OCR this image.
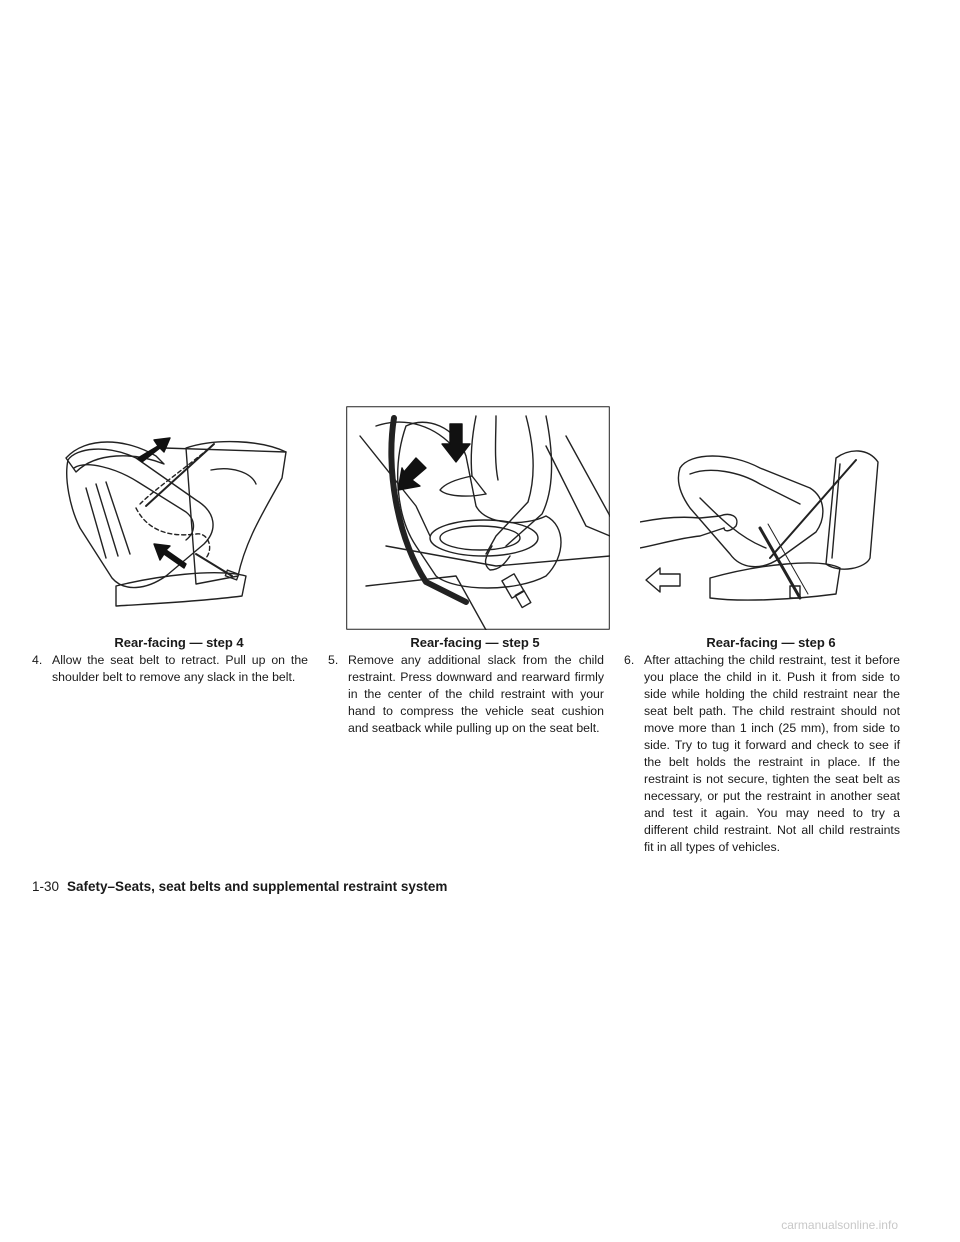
Rear-facing — step 4
4. Allow the seat belt to retract. Pull up on the shoulder belt to remove any slack in the belt.
Rear-facing — step 5
5. Remove any additional slack from the child restraint. Press downward and rearward firmly in the center of the child restraint with your hand to compress the vehicle seat cushion and seatback while pulling up on the seat belt.
Rear-facing — step 6
6. After attaching the child restraint, test it before you place the child in it. Push it from side to side while holding the child restraint near the seat belt path. The child restraint should not move more than 1 inch (25 mm), from side to side. Try to tug it forward and check to see if the belt holds the restraint in place. If the restraint is not secure, tighten the seat belt as necessary, or put the restraint in another seat and test it again. You may need to try a different child restraint. Not all child restraints fit in all types of vehicles.
1-30 Safety–Seats, seat belts and supplemental restraint system
carmanualsonline.info
